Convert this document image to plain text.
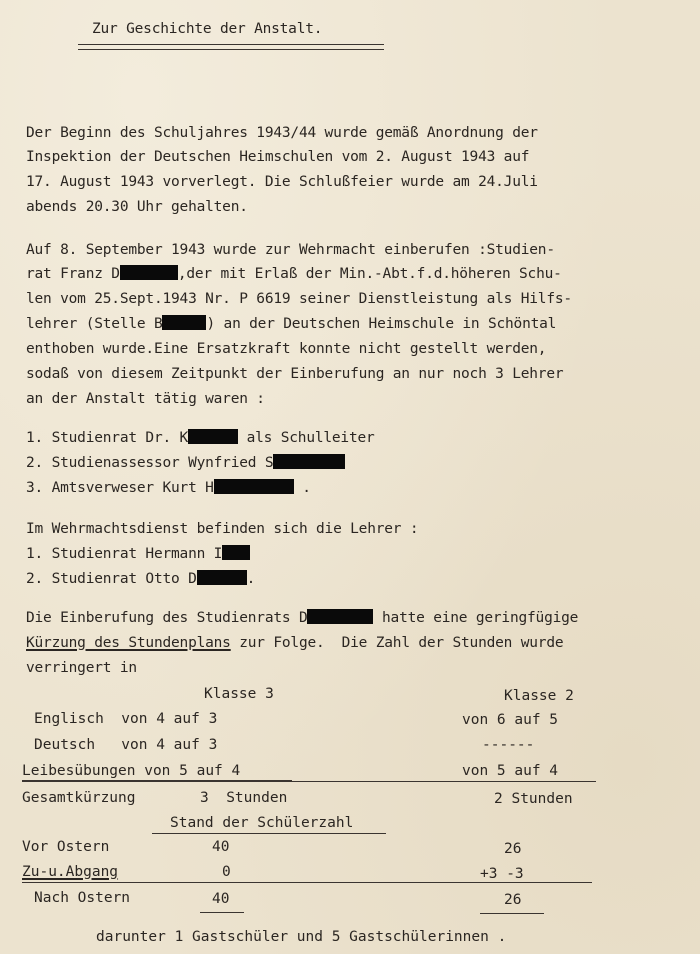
Zur Geschichte der Anstalt.
Der Beginn des Schuljahres 1943/44 wurde gemäß Anordnung der
Inspektion der Deutschen Heimschulen vom 2. August 1943 auf
17. August 1943 vorverlegt. Die Schlußfeier wurde am 24.Juli
abends 20.30 Uhr gehalten.
Auf 8. September 1943 wurde zur Wehrmacht einberufen :Studien-
rat Franz D	,der mit Erlaß der Min.-Abt.f.d.höheren Schu-
len vom 25.Sept.1943 Nr. P 6619 seiner Dienstleistung als Hilfs-
lehrer (Stelle B	) an der Deutschen Heimschule in Schöntal
enthoben wurde.Eine Ersatzkraft konnte nicht gestellt werden,
sodaß von diesem Zeitpunkt der Einberufung an nur noch 3 Lehrer
an der Anstalt tätig waren :
1. Studienrat Dr. K	als Schulleiter
2. Studienassessor Wynfried S
3. Amtsverweser Kurt H	.
Im Wehrmachtsdienst befinden sich die Lehrer :
1. Studienrat Hermann I
2. Studienrat Otto D	.
Die Einberufung des Studienrats D	hatte eine geringfügige
Kürzung des Stundenplans zur Folge.  Die Zahl der Stunden wurde
verringert in
Klasse 3	Klasse 2
Englisch  von 4 auf 3	von 6 auf 5
Deutsch   von 4 auf 3	------
Leibesübungen von 5 auf 4	von 5 auf 4
Gesamtkürzung	3  Stunden	2 Stunden
Stand der Schülerzahl
Vor Ostern	40	26
Zu-u.Abgang	0	+3 -3
Nach Ostern	40	26
darunter 1 Gastschüler und 5 Gastschülerinnen .
